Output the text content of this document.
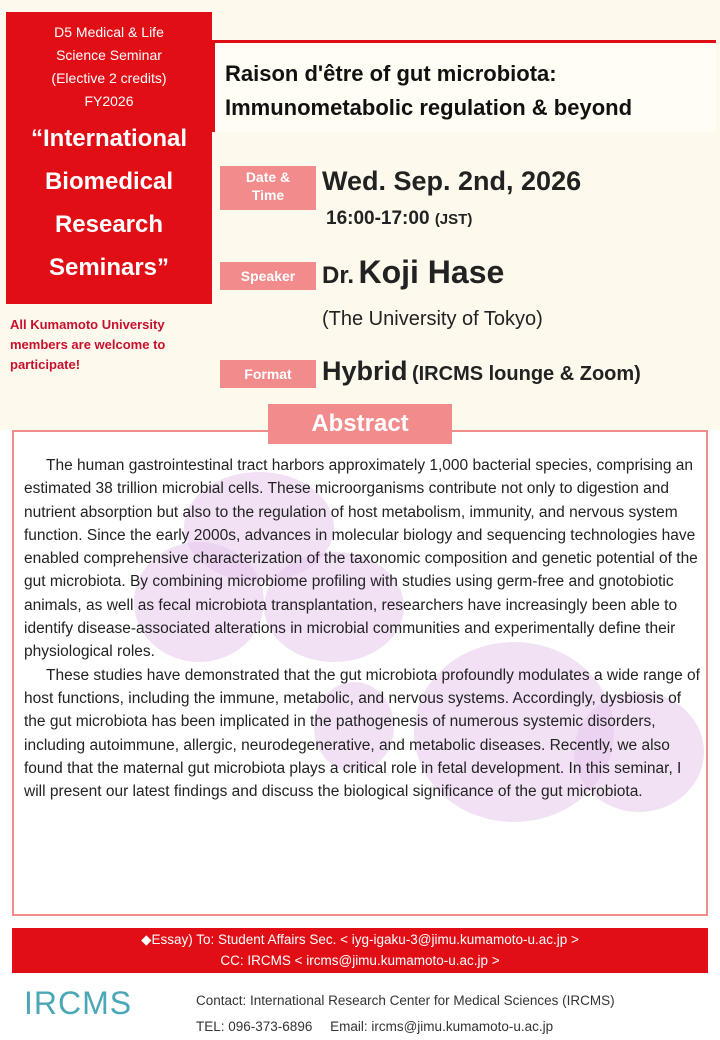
D5 Medical & Life
Science Seminar
(Elective 2 credits)
FY2026
“International
Biomedical
Research
Seminars”
All Kumamoto University members are welcome to participate!
Raison d'être of gut microbiota:
Immunometabolic regulation & beyond
Date &
Time	Wed. Sep. 2nd, 2026
16:00-17:00 (JST)
Speaker	Dr. Koji Hase
(The University of Tokyo)
Format	Hybrid (IRCMS lounge & Zoom)

The human gastrointestinal tract harbors approximately 1,000 bacterial species, comprising an estimated 38 trillion microbial cells. These microorganisms contribute not only to digestion and nutrient absorption but also to the regulation of host metabolism, immunity, and nervous system function. Since the early 2000s, advances in molecular biology and sequencing technologies have enabled comprehensive characterization of the taxonomic composition and genetic potential of the gut microbiota. By combining microbiome profiling with studies using germ-free and gnotobiotic animals, as well as fecal microbiota transplantation, researchers have increasingly been able to identify disease-associated alterations in microbial communities and experimentally define their physiological roles.

These studies have demonstrated that the gut microbiota profoundly modulates a wide range of host functions, including the immune, metabolic, and nervous systems. Accordingly, dysbiosis of the gut microbiota has been implicated in the pathogenesis of numerous systemic disorders, including autoimmune, allergic, neurodegenerative, and metabolic diseases. Recently, we also found that the maternal gut microbiota plays a critical role in fetal development. In this seminar, I will present our latest findings and discuss the biological significance of the gut microbiota.

Abstract
◆Essay) To: Student Affairs Sec. < iyg-igaku-3@jimu.kumamoto-u.ac.jp >
CC: IRCMS < ircms@jimu.kumamoto-u.ac.jp >
IRCMS	Contact: International Research Center for Medical Sciences (IRCMS)
TEL: 096-373-6896 Email: ircms@jimu.kumamoto-u.ac.jp
